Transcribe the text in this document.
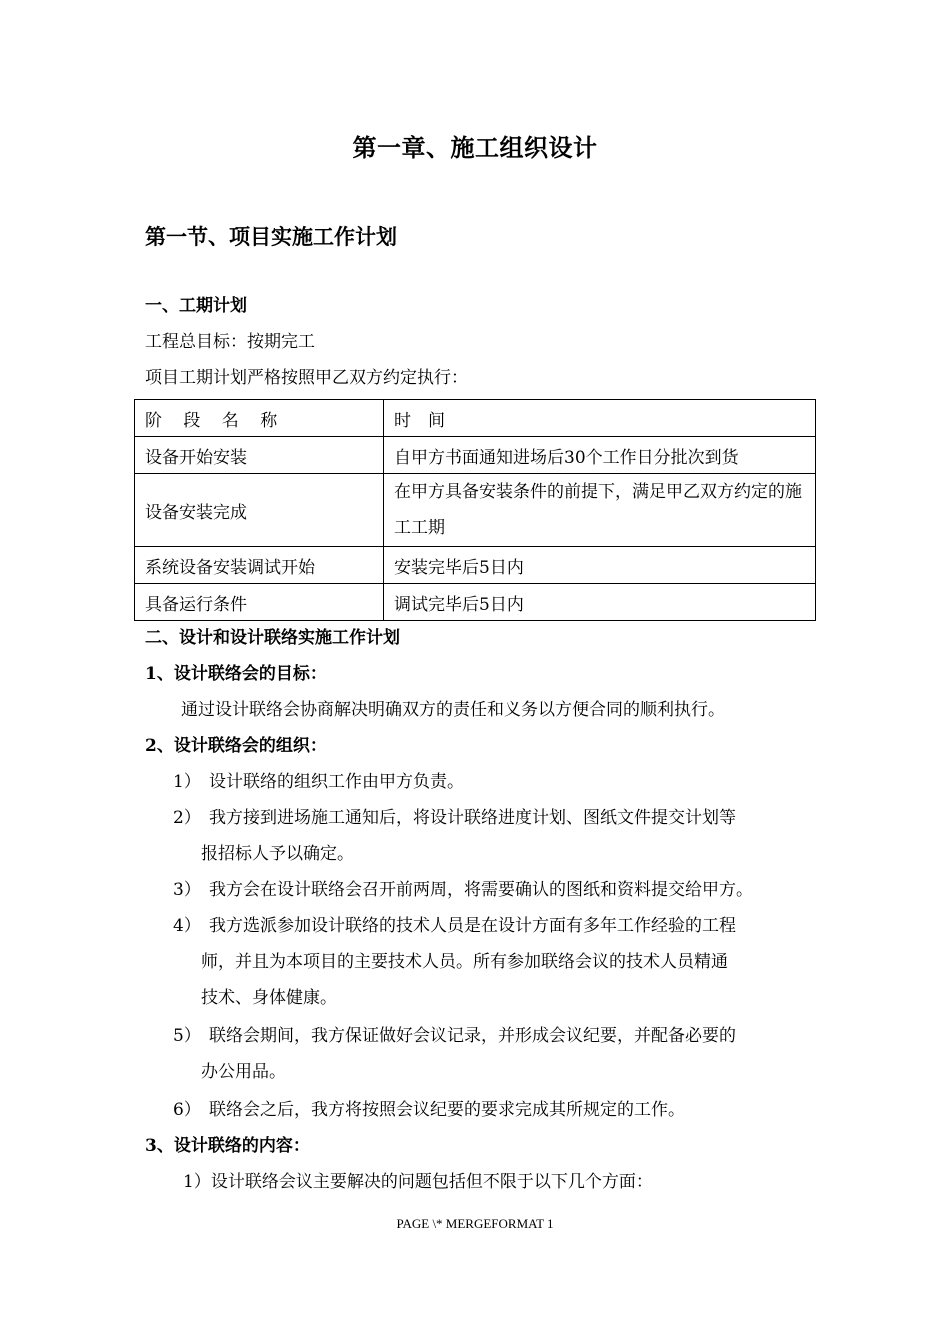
第一章、施工组织设计
第一节、项目实施工作计划
一、工期计划
工程总目标：按期完工
项目工期计划严格按照甲乙双方约定执行：
阶 段 名 称	时　间
设备开始安装	自甲方书面通知进场后30个工作日分批次到货
设备安装完成	在甲方具备安装条件的前提下，满足甲乙双方约定的施工工期

系统设备安装调试开始	安装完毕后5日内
具备运行条件	调试完毕后5日内
二、设计和设计联络实施工作计划
1、设计联络会的目标：
通过设计联络会协商解决明确双方的责任和义务以方便合同的顺利执行。
2、设计联络会的组织：
1） 设计联络的组织工作由甲方负责。
2） 我方接到进场施工通知后，将设计联络进度计划、图纸文件提交计划等
报招标人予以确定。
3） 我方会在设计联络会召开前两周，将需要确认的图纸和资料提交给甲方。
4） 我方选派参加设计联络的技术人员是在设计方面有多年工作经验的工程
师，并且为本项目的主要技术人员。所有参加联络会议的技术人员精通
技术、身体健康。
5） 联络会期间，我方保证做好会议记录，并形成会议纪要，并配备必要的
办公用品。
6） 联络会之后，我方将按照会议纪要的要求完成其所规定的工作。
3、设计联络的内容：
1）设计联络会议主要解决的问题包括但不限于以下几个方面：
PAGE \* MERGEFORMAT 1
